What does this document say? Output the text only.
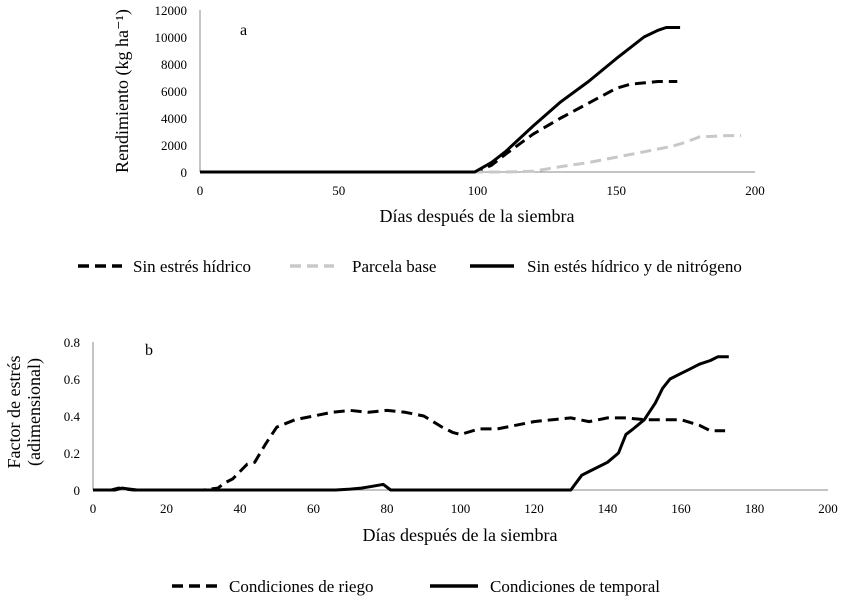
0	50	100	150	200
0
2000
4000
6000
8000
10000
12000
a
Días después de la siembra
Rendimiento (kg ha⁻¹)
Sin estrés hídrico	Parcela base	Sin estés hídrico y de nitrógeno
0	20	40	60	80	100	120	140	160	180	200
0
0.2
0.4
0.6
0.8	b
Días después de la siembra
Factor de estrés(adimensional)
Condiciones de riego	Condiciones de temporal
